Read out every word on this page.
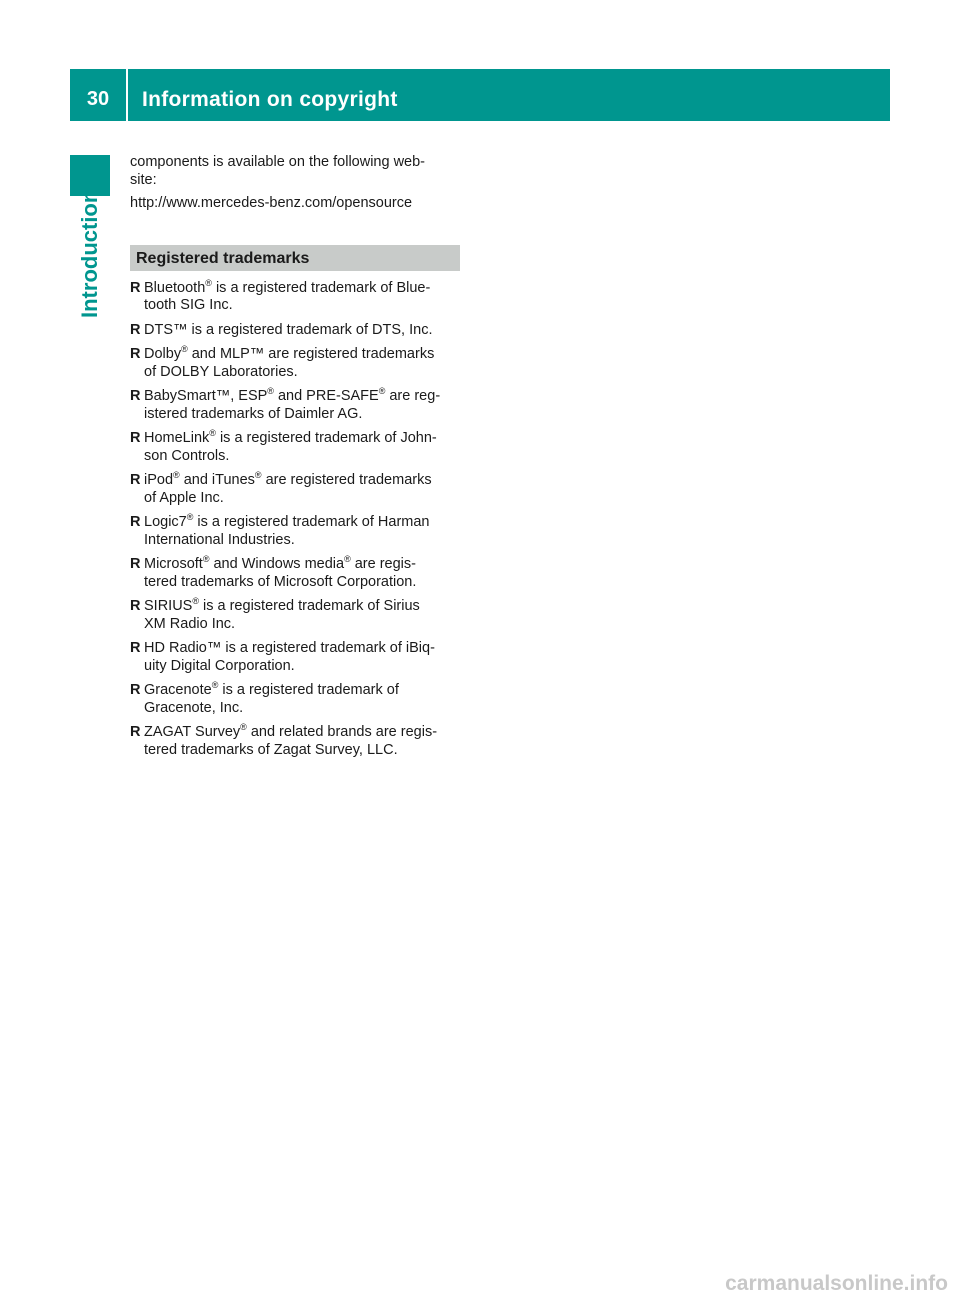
30	Information on copyright
Introduction

components is available on the following web-
site:

http://www.mercedes-benz.com/opensource

Registered trademarks
R Bluetooth® is a registered trademark of Blue-
tooth SIG Inc.
R DTS™ is a registered trademark of DTS, Inc.
R Dolby® and MLP™ are registered trademarks
of DOLBY Laboratories.
R BabySmart™, ESP® and PRE-SAFE® are reg-
istered trademarks of Daimler AG.
R HomeLink® is a registered trademark of John-
son Controls.
R iPod® and iTunes® are registered trademarks
of Apple Inc.
R Logic7® is a registered trademark of Harman
International Industries.
R Microsoft® and Windows media® are regis-
tered trademarks of Microsoft Corporation.
R SIRIUS® is a registered trademark of Sirius
XM Radio Inc.
R HD Radio™ is a registered trademark of iBiq-
uity Digital Corporation.
R Gracenote® is a registered trademark of
Gracenote, Inc.
R ZAGAT Survey® and related brands are regis-
tered trademarks of Zagat Survey, LLC.
carmanualsonline.info
